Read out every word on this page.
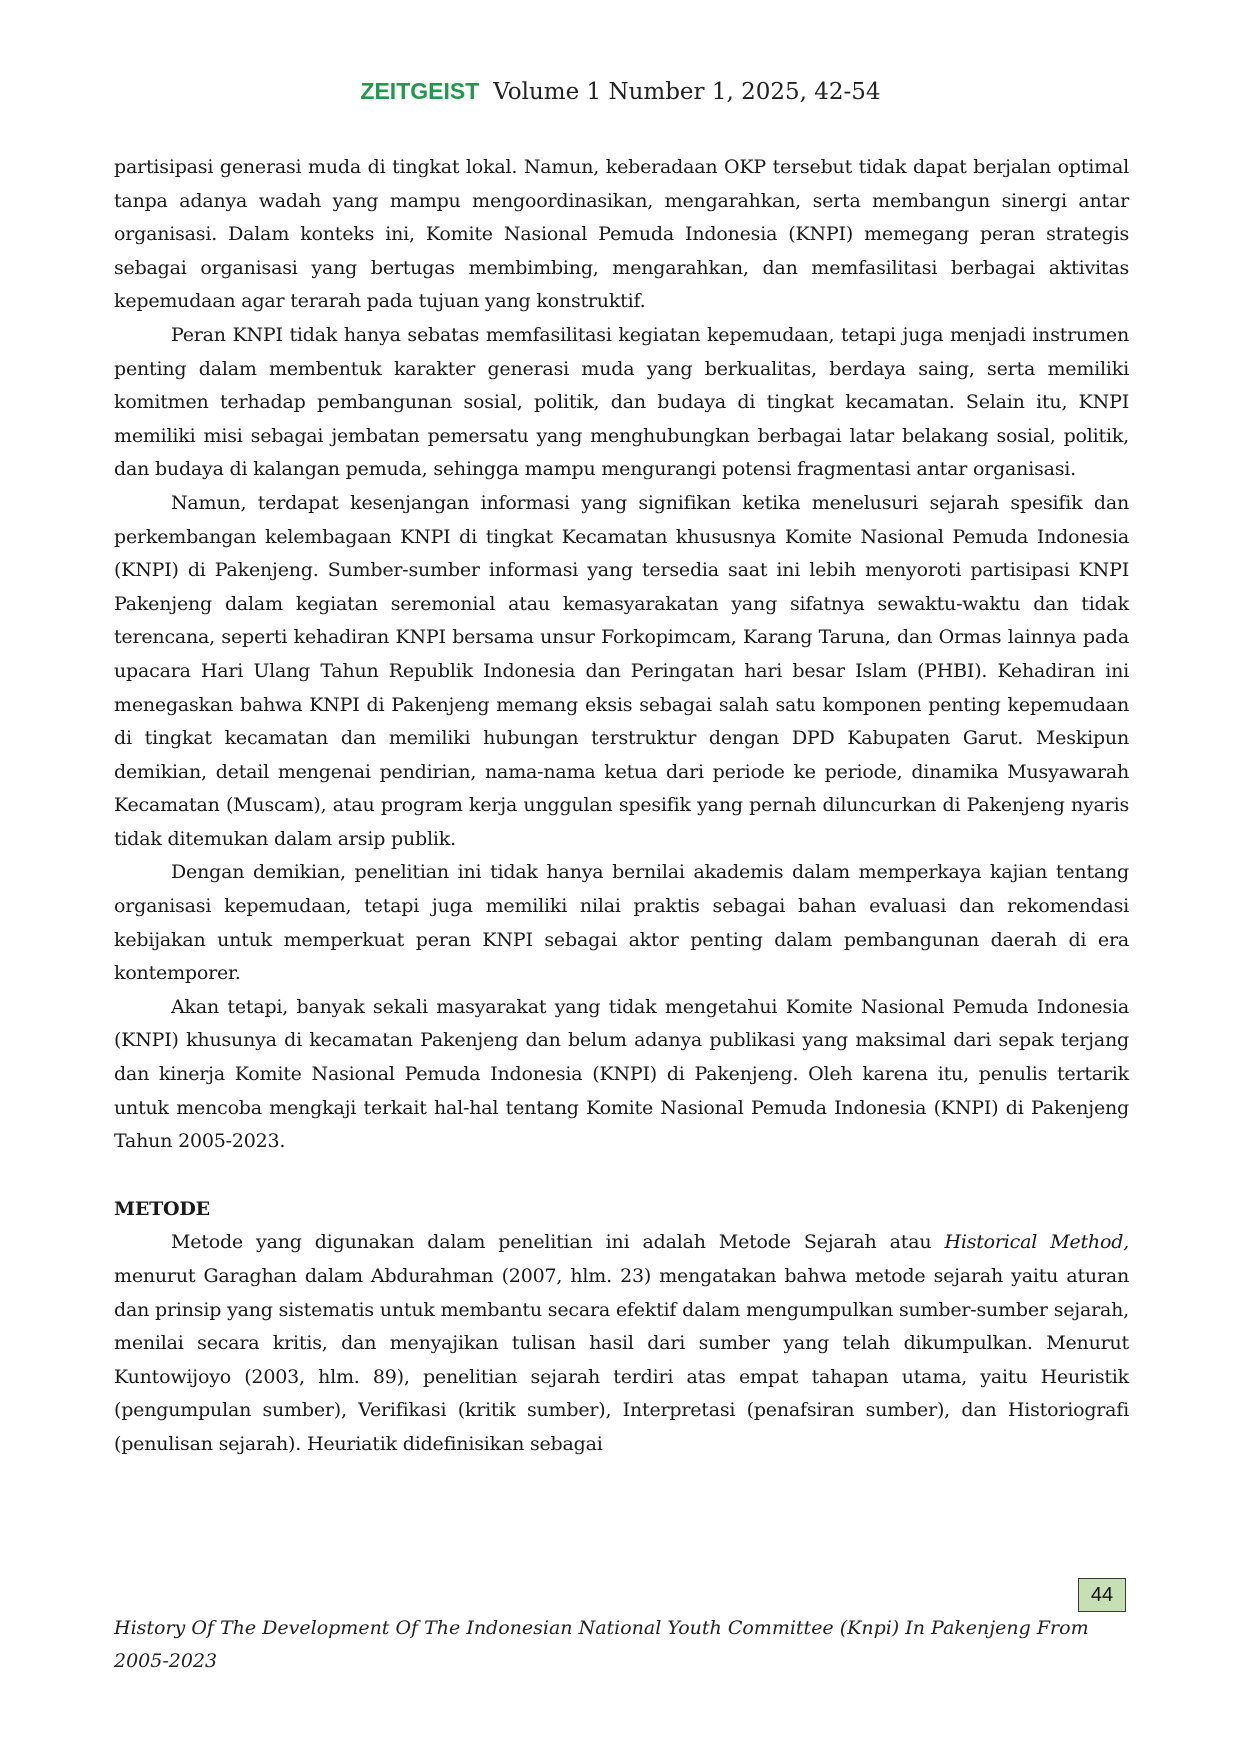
ZEITGEIST Volume 1 Number 1, 2025, 42-54

partisipasi generasi muda di tingkat lokal. Namun, keberadaan OKP tersebut tidak dapat berjalan optimal tanpa adanya wadah yang mampu mengoordinasikan, mengarahkan, serta membangun sinergi antar organisasi. Dalam konteks ini, Komite Nasional Pemuda Indonesia (KNPI) memegang peran strategis sebagai organisasi yang bertugas membimbing, mengarahkan, dan memfasilitasi berbagai aktivitas kepemudaan agar terarah pada tujuan yang konstruktif.

Peran KNPI tidak hanya sebatas memfasilitasi kegiatan kepemudaan, tetapi juga menjadi instrumen penting dalam membentuk karakter generasi muda yang berkualitas, berdaya saing, serta memiliki komitmen terhadap pembangunan sosial, politik, dan budaya di tingkat kecamatan. Selain itu, KNPI memiliki misi sebagai jembatan pemersatu yang menghubungkan berbagai latar belakang sosial, politik, dan budaya di kalangan pemuda, sehingga mampu mengurangi potensi fragmentasi antar organisasi.

Namun, terdapat kesenjangan informasi yang signifikan ketika menelusuri sejarah spesifik dan perkembangan kelembagaan KNPI di tingkat Kecamatan khususnya Komite Nasional Pemuda Indonesia (KNPI) di Pakenjeng. Sumber-sumber informasi yang tersedia saat ini lebih menyoroti partisipasi KNPI Pakenjeng dalam kegiatan seremonial atau kemasyarakatan yang sifatnya sewaktu-waktu dan tidak terencana, seperti kehadiran KNPI bersama unsur Forkopimcam, Karang Taruna, dan Ormas lainnya pada upacara Hari Ulang Tahun Republik Indonesia dan Peringatan hari besar Islam (PHBI). Kehadiran ini menegaskan bahwa KNPI di Pakenjeng memang eksis sebagai salah satu komponen penting kepemudaan di tingkat kecamatan dan memiliki hubungan terstruktur dengan DPD Kabupaten Garut. Meskipun demikian, detail mengenai pendirian, nama-nama ketua dari periode ke periode, dinamika Musyawarah Kecamatan (Muscam), atau program kerja unggulan spesifik yang pernah diluncurkan di Pakenjeng nyaris tidak ditemukan dalam arsip publik.

Dengan demikian, penelitian ini tidak hanya bernilai akademis dalam memperkaya kajian tentang organisasi kepemudaan, tetapi juga memiliki nilai praktis sebagai bahan evaluasi dan rekomendasi kebijakan untuk memperkuat peran KNPI sebagai aktor penting dalam pembangunan daerah di era kontemporer.

Akan tetapi, banyak sekali masyarakat yang tidak mengetahui Komite Nasional Pemuda Indonesia (KNPI) khusunya di kecamatan Pakenjeng dan belum adanya publikasi yang maksimal dari sepak terjang dan kinerja Komite Nasional Pemuda Indonesia (KNPI) di Pakenjeng. Oleh karena itu, penulis tertarik untuk mencoba mengkaji terkait hal-hal tentang Komite Nasional Pemuda Indonesia (KNPI) di Pakenjeng Tahun 2005-2023.

METODE

Metode yang digunakan dalam penelitian ini adalah Metode Sejarah atau Historical Method, menurut Garaghan dalam Abdurahman (2007, hlm. 23) mengatakan bahwa metode sejarah yaitu aturan dan prinsip yang sistematis untuk membantu secara efektif dalam mengumpulkan sumber-sumber sejarah, menilai secara kritis, dan menyajikan tulisan hasil dari sumber yang telah dikumpulkan. Menurut Kuntowijoyo (2003, hlm. 89), penelitian sejarah terdiri atas empat tahapan utama, yaitu Heuristik (pengumpulan sumber), Verifikasi (kritik sumber), Interpretasi (penafsiran sumber), dan Historiografi (penulisan sejarah). Heuriatik didefinisikan sebagai

44
History Of The Development Of The Indonesian National Youth Committee (Knpi) In Pakenjeng From 2005-2023
